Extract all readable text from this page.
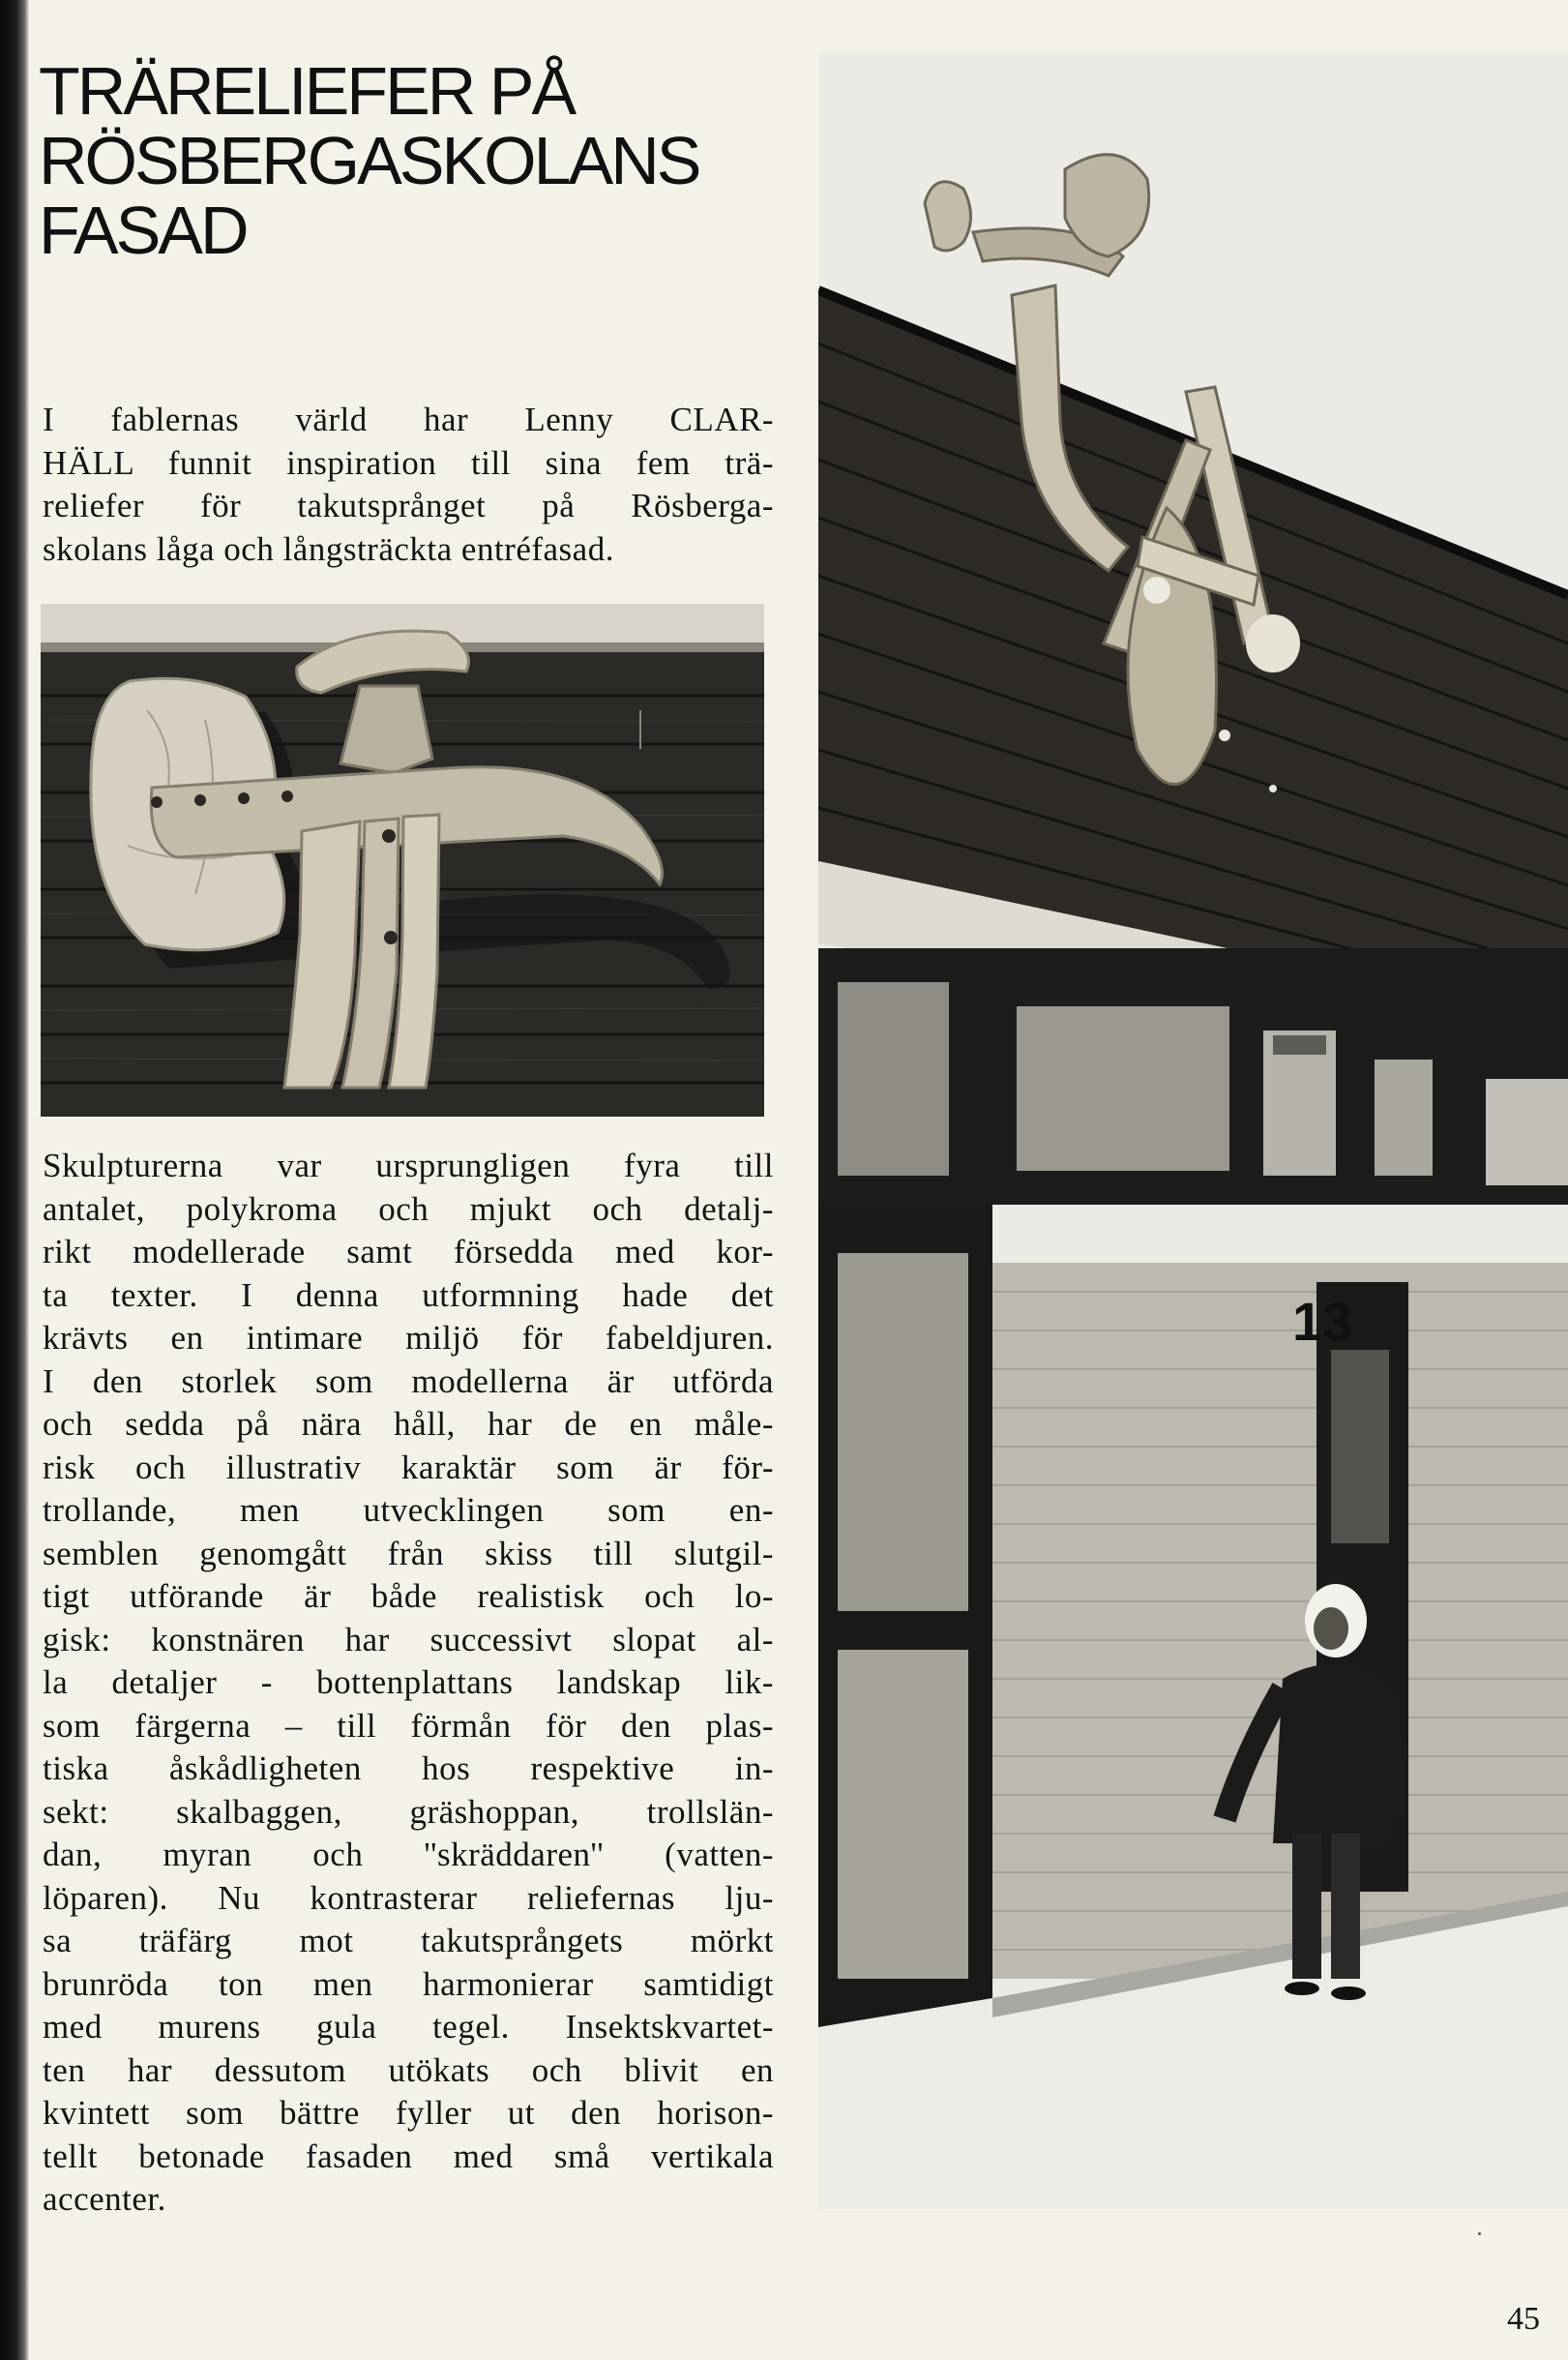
TRÄRELIEFER PÅ
RÖSBERGASKOLANS
FASAD
I fablernas värld har Lenny CLAR-
HÄLL funnit inspiration till sina fem trä-
reliefer för takutsprånget på Rösberga-
skolans låga och långsträckta entréfasad.
Skulpturerna var ursprungligen fyra till
antalet, polykroma och mjukt och detalj-
rikt modellerade samt försedda med kor-
ta texter. I denna utformning hade det
krävts en intimare miljö för fabeldjuren.
I den storlek som modellerna är utförda
och sedda på nära håll, har de en måle-
risk och illustrativ karaktär som är för-
trollande, men utvecklingen som en-
semblen genomgått från skiss till slutgil-
tigt utförande är både realistisk och lo-
gisk: konstnären har successivt slopat al-
la detaljer - bottenplattans landskap lik-
som färgerna – till förmån för den plas-
tiska åskådligheten hos respektive in-
sekt: skalbaggen, gräshoppan, trollslän-
dan, myran och ''skräddaren'' (vatten-
löparen). Nu kontrasterar reliefernas lju-
sa träfärg mot takutsprångets mörkt
brunröda ton men harmonierar samtidigt
med murens gula tegel. Insektskvartet-
ten har dessutom utökats och blivit en
kvintett som bättre fyller ut den horison-
tellt betonade fasaden med små vertikala
accenter.
13
45
